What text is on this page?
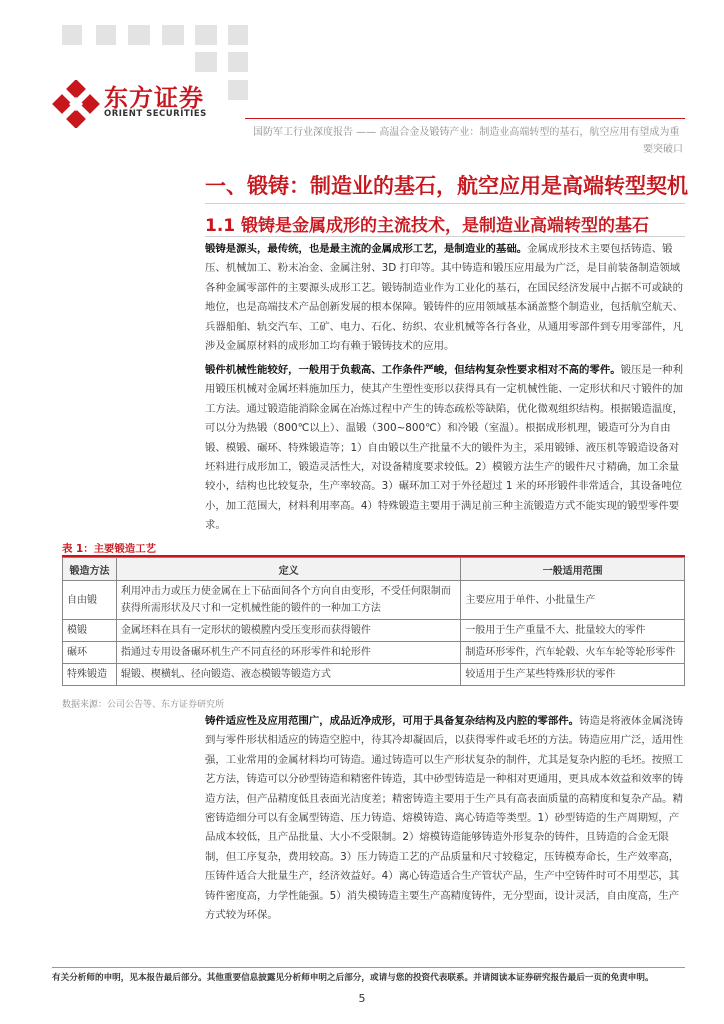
东方证券
ORIENT SECURITIES
国防军工行业深度报告 —— 高温合金及锻铸产业：制造业高端转型的基石，航空应用有望成为重
要突破口
一、锻铸：制造业的基石，航空应用是高端转型契机
1.1 锻铸是金属成形的主流技术，是制造业高端转型的基石
锻铸是源头，最传统，也是最主流的金属成形工艺，是制造业的基础。金属成形技术主要包括铸造、锻压、机械加工、粉末冶金、金属注射、3D 打印等。其中铸造和锻压应用最为广泛，是目前装备制造领域各种金属零部件的主要源头成形工艺。锻铸制造业作为工业化的基石，在国民经济发展中占据不可或缺的地位，也是高端技术产品创新发展的根本保障。锻铸件的应用领域基本涵盖整个制造业，包括航空航天、兵器船舶、轨交汽车、工矿、电力、石化、纺织、农业机械等各行各业，从通用零部件到专用零部件，凡涉及金属原材料的成形加工均有赖于锻铸技术的应用。
锻件机械性能较好，一般用于负载高、工作条件严峻，但结构复杂性要求相对不高的零件。锻压是一种利用锻压机械对金属坯料施加压力，使其产生塑性变形以获得具有一定机械性能、一定形状和尺寸锻件的加工方法。通过锻造能消除金属在冶炼过程中产生的铸态疏松等缺陷，优化微观组织结构。根据锻造温度，可以分为热锻（800℃以上）、温锻（300~800℃）和冷锻（室温）。根据成形机理，锻造可分为自由锻、模锻、碾环、特殊锻造等；1）自由锻以生产批量不大的锻件为主，采用锻锤、液压机等锻造设备对坯料进行成形加工，锻造灵活性大，对设备精度要求较低。2）模锻方法生产的锻件尺寸精确，加工余量较小，结构也比较复杂，生产率较高。3）碾环加工对于外径超过 1 米的环形锻件非常适合，其设备吨位小，加工范围大，材料利用率高。4）特殊锻造主要用于满足前三种主流锻造方式不能实现的锻型零件要求。
表 1：主要锻造工艺
锻造方法	定义	一般适用范围
自由锻	利用冲击力或压力使金属在上下砧面间各个方向自由变形，不受任何限制而获得所需形状及尺寸和一定机械性能的锻件的一种加工方法	主要应用于单件、小批量生产
模锻	金属坯料在具有一定形状的锻模膛内受压变形而获得锻件	一般用于生产重量不大、批量较大的零件
碾环	指通过专用设备碾环机生产不同直径的环形零件和轮形件	制造环形零件，汽车轮毂、火车车轮等轮形零件
特殊锻造	辊锻、楔横轧、径向锻造、液态模锻等锻造方式	较适用于生产某些特殊形状的零件
数据来源：公司公告等、东方证券研究所
铸件适应性及应用范围广，成品近净成形，可用于具备复杂结构及内腔的零部件。铸造是将液体金属浇铸到与零件形状相适应的铸造空腔中，待其冷却凝固后，以获得零件或毛坯的方法。铸造应用广泛，适用性强，工业常用的金属材料均可铸造。通过铸造可以生产形状复杂的制件，尤其是复杂内腔的毛坯。按照工艺方法，铸造可以分砂型铸造和精密件铸造，其中砂型铸造是一种相对更通用，更具成本效益和效率的铸造方法，但产品精度低且表面光洁度差；精密铸造主要用于生产具有高表面质量的高精度和复杂产品。精密铸造细分可以有金属型铸造、压力铸造、熔模铸造、离心铸造等类型。1）砂型铸造的生产周期短，产品成本较低，且产品批量、大小不受限制。2）熔模铸造能够铸造外形复杂的铸件，且铸造的合金无限制，但工序复杂，费用较高。3）压力铸造工艺的产品质量和尺寸较稳定，压铸模寿命长，生产效率高，压铸件适合大批量生产，经济效益好。4）离心铸造适合生产管状产品，生产中空铸件时可不用型芯，其铸件密度高，力学性能强。5）消失模铸造主要生产高精度铸件，无分型面，设计灵活，自由度高，生产方式较为环保。
有关分析师的申明，见本报告最后部分。其他重要信息披露见分析师申明之后部分，或请与您的投资代表联系。并请阅读本证券研究报告最后一页的免责申明。
5
